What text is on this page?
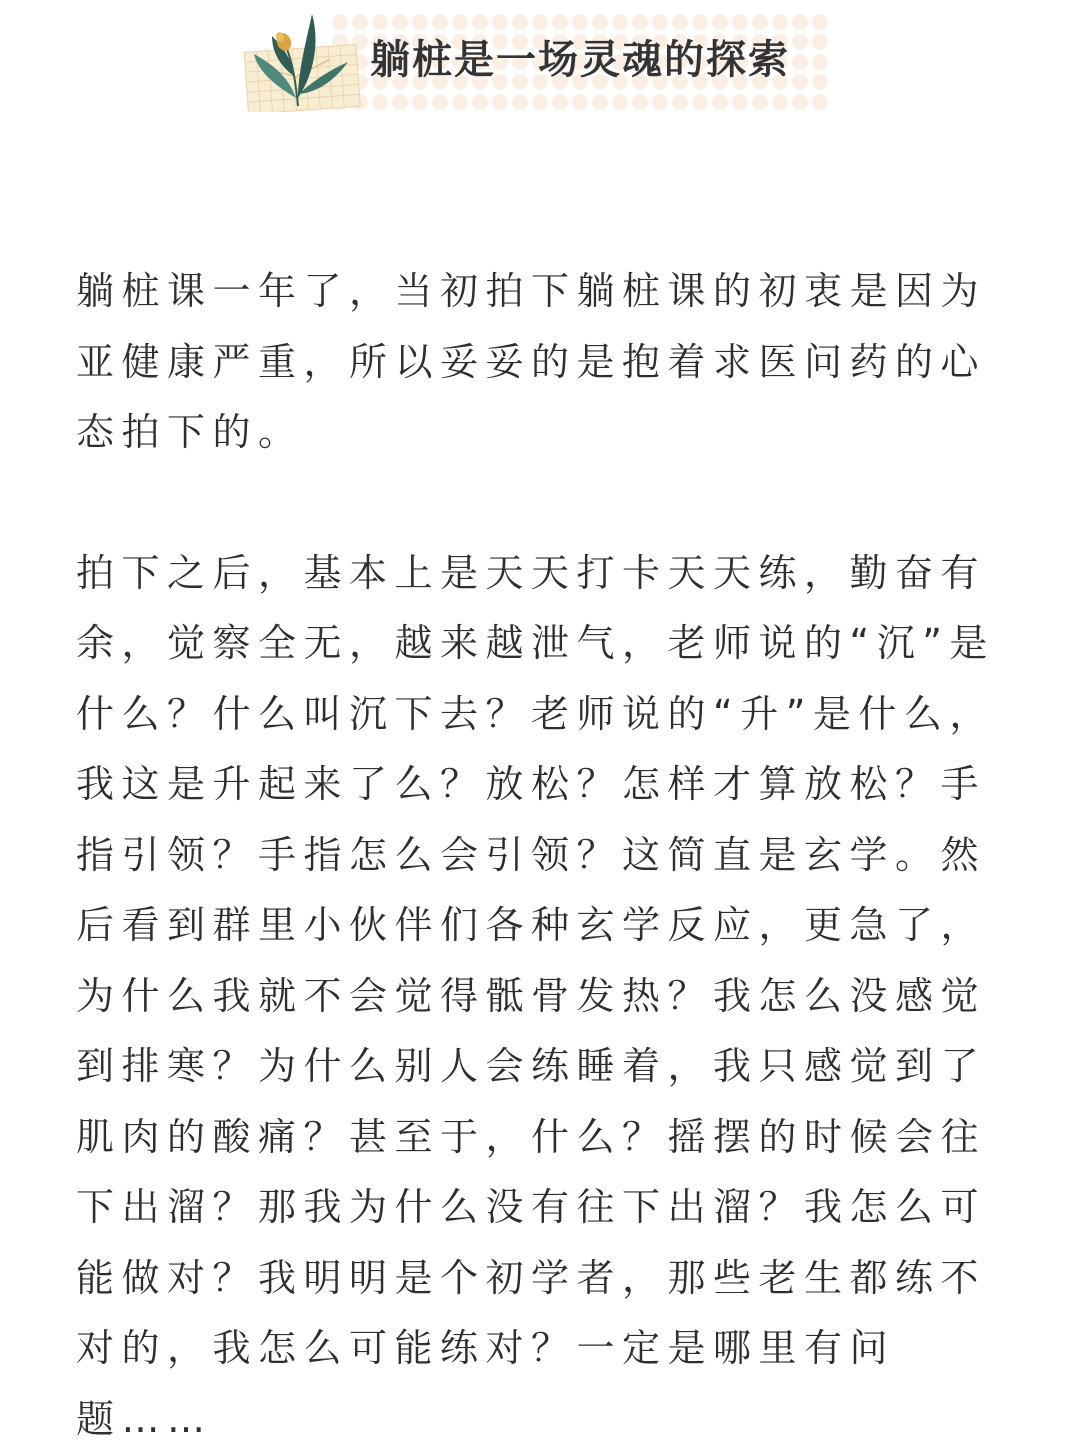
躺桩是一场灵魂的探索

躺桩课一年了，当初拍下躺桩课的初衷是因为
亚健康严重，所以妥妥的是抱着求医问药的心
态拍下的。

拍下之后，基本上是天天打卡天天练，勤奋有
余，觉察全无，越来越泄气，老师说的“沉”是
什么？什么叫沉下去？老师说的“升”是什么，
我这是升起来了么？放松？怎样才算放松？手
指引领？手指怎么会引领？这简直是玄学。然
后看到群里小伙伴们各种玄学反应，更急了，
为什么我就不会觉得骶骨发热？我怎么没感觉
到排寒？为什么别人会练睡着，我只感觉到了
肌肉的酸痛？甚至于，什么？摇摆的时候会往
下出溜？那我为什么没有往下出溜？我怎么可
能做对？我明明是个初学者，那些老生都练不
对的，我怎么可能练对？一定是哪里有问
题……
